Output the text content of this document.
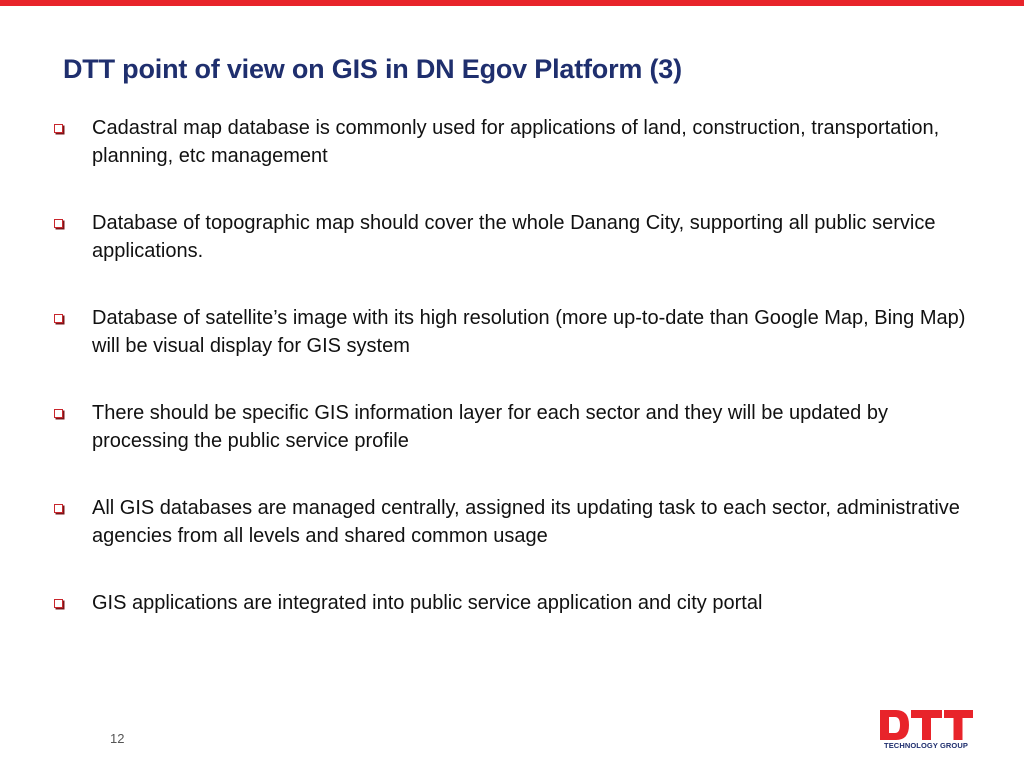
DTT point of view on GIS in DN Egov Platform (3)
Cadastral map database is commonly used for applications of land, construction, transportation, planning, etc management
Database of topographic map should cover the whole Danang City, supporting all public service applications.
Database of satellite’s image with its high resolution (more up-to-date than Google Map, Bing Map) will be visual display for GIS system
There should be specific GIS information layer for each sector and they will be updated by processing the public service profile
All GIS databases are managed centrally, assigned its updating task to each sector, administrative agencies from all levels and shared common usage
GIS applications are integrated into public service application and city portal
12	TECHNOLOGY GROUP
